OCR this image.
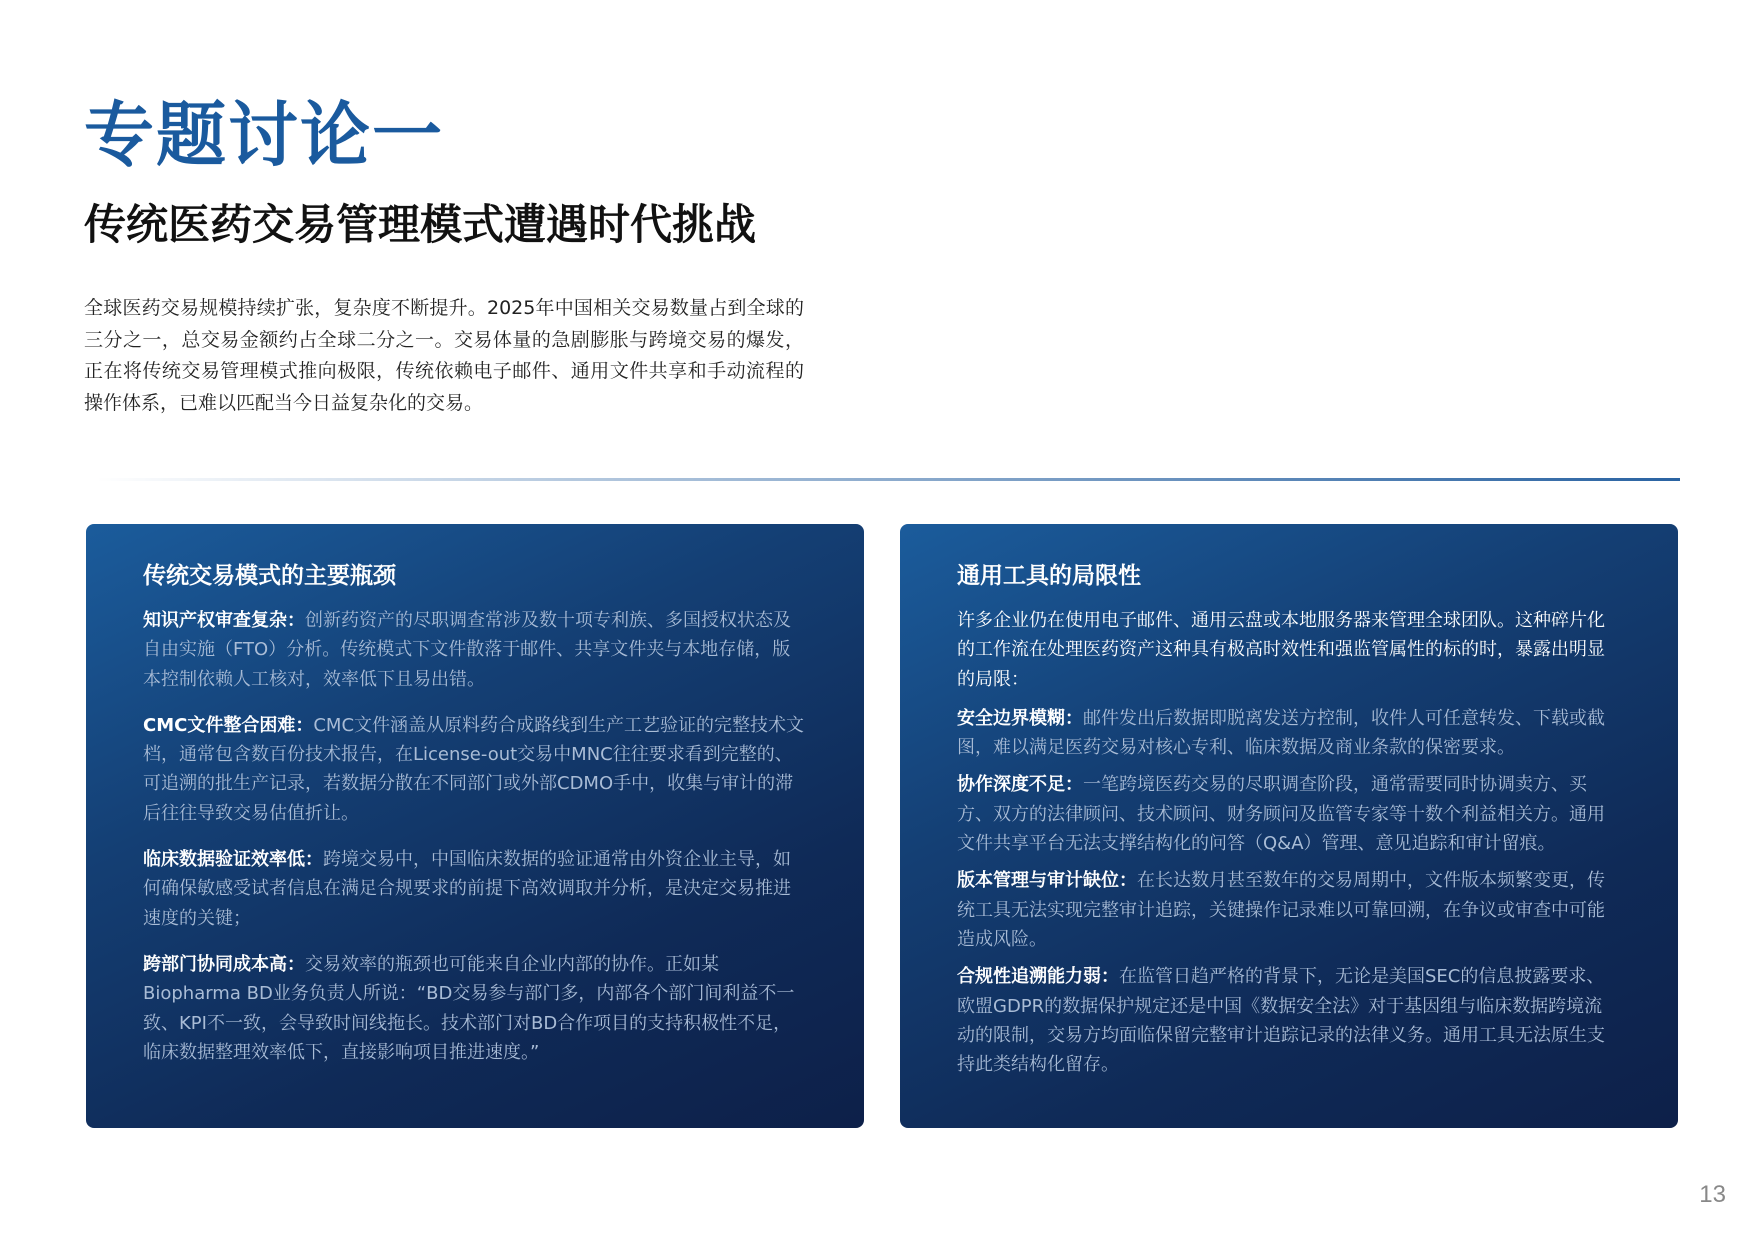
专题讨论一
传统医药交易管理模式遭遇时代挑战

全球医药交易规模持续扩张，复杂度不断提升。2025年中国相关交易数量占到全球的三分之一，总交易金额约占全球二分之一。交易体量的急剧膨胀与跨境交易的爆发，正在将传统交易管理模式推向极限，传统依赖电子邮件、通用文件共享和手动流程的操作体系，已难以匹配当今日益复杂化的交易。

传统交易模式的主要瓶颈

知识产权审查复杂：创新药资产的尽职调查常涉及数十项专利族、多国授权状态及自由实施（FTO）分析。传统模式下文件散落于邮件、共享文件夹与本地存储，版本控制依赖人工核对，效率低下且易出错。

CMC文件整合困难：CMC文件涵盖从原料药合成路线到生产工艺验证的完整技术文档，通常包含数百份技术报告，在License-out交易中MNC往往要求看到完整的、可追溯的批生产记录，若数据分散在不同部门或外部CDMO手中，收集与审计的滞后往往导致交易估值折让。

临床数据验证效率低：跨境交易中，中国临床数据的验证通常由外资企业主导，如何确保敏感受试者信息在满足合规要求的前提下高效调取并分析，是决定交易推进速度的关键；

跨部门协同成本高：交易效率的瓶颈也可能来自企业内部的协作。正如某Biopharma BD业务负责人所说：“BD交易参与部门多，内部各个部门间利益不一致、KPI不一致，会导致时间线拖长。技术部门对BD合作项目的支持积极性不足，临床数据整理效率低下，直接影响项目推进速度。”

通用工具的局限性

许多企业仍在使用电子邮件、通用云盘或本地服务器来管理全球团队。这种碎片化的工作流在处理医药资产这种具有极高时效性和强监管属性的标的时，暴露出明显的局限：

安全边界模糊：邮件发出后数据即脱离发送方控制，收件人可任意转发、下载或截图，难以满足医药交易对核心专利、临床数据及商业条款的保密要求。

协作深度不足：一笔跨境医药交易的尽职调查阶段，通常需要同时协调卖方、买方、双方的法律顾问、技术顾问、财务顾问及监管专家等十数个利益相关方。通用文件共享平台无法支撑结构化的问答（Q&A）管理、意见追踪和审计留痕。

版本管理与审计缺位：在长达数月甚至数年的交易周期中，文件版本频繁变更，传统工具无法实现完整审计追踪，关键操作记录难以可靠回溯，在争议或审查中可能造成风险。

合规性追溯能力弱：在监管日趋严格的背景下，无论是美国SEC的信息披露要求、欧盟GDPR的数据保护规定还是中国《数据安全法》对于基因组与临床数据跨境流动的限制，交易方均面临保留完整审计追踪记录的法律义务。通用工具无法原生支持此类结构化留存。

13
